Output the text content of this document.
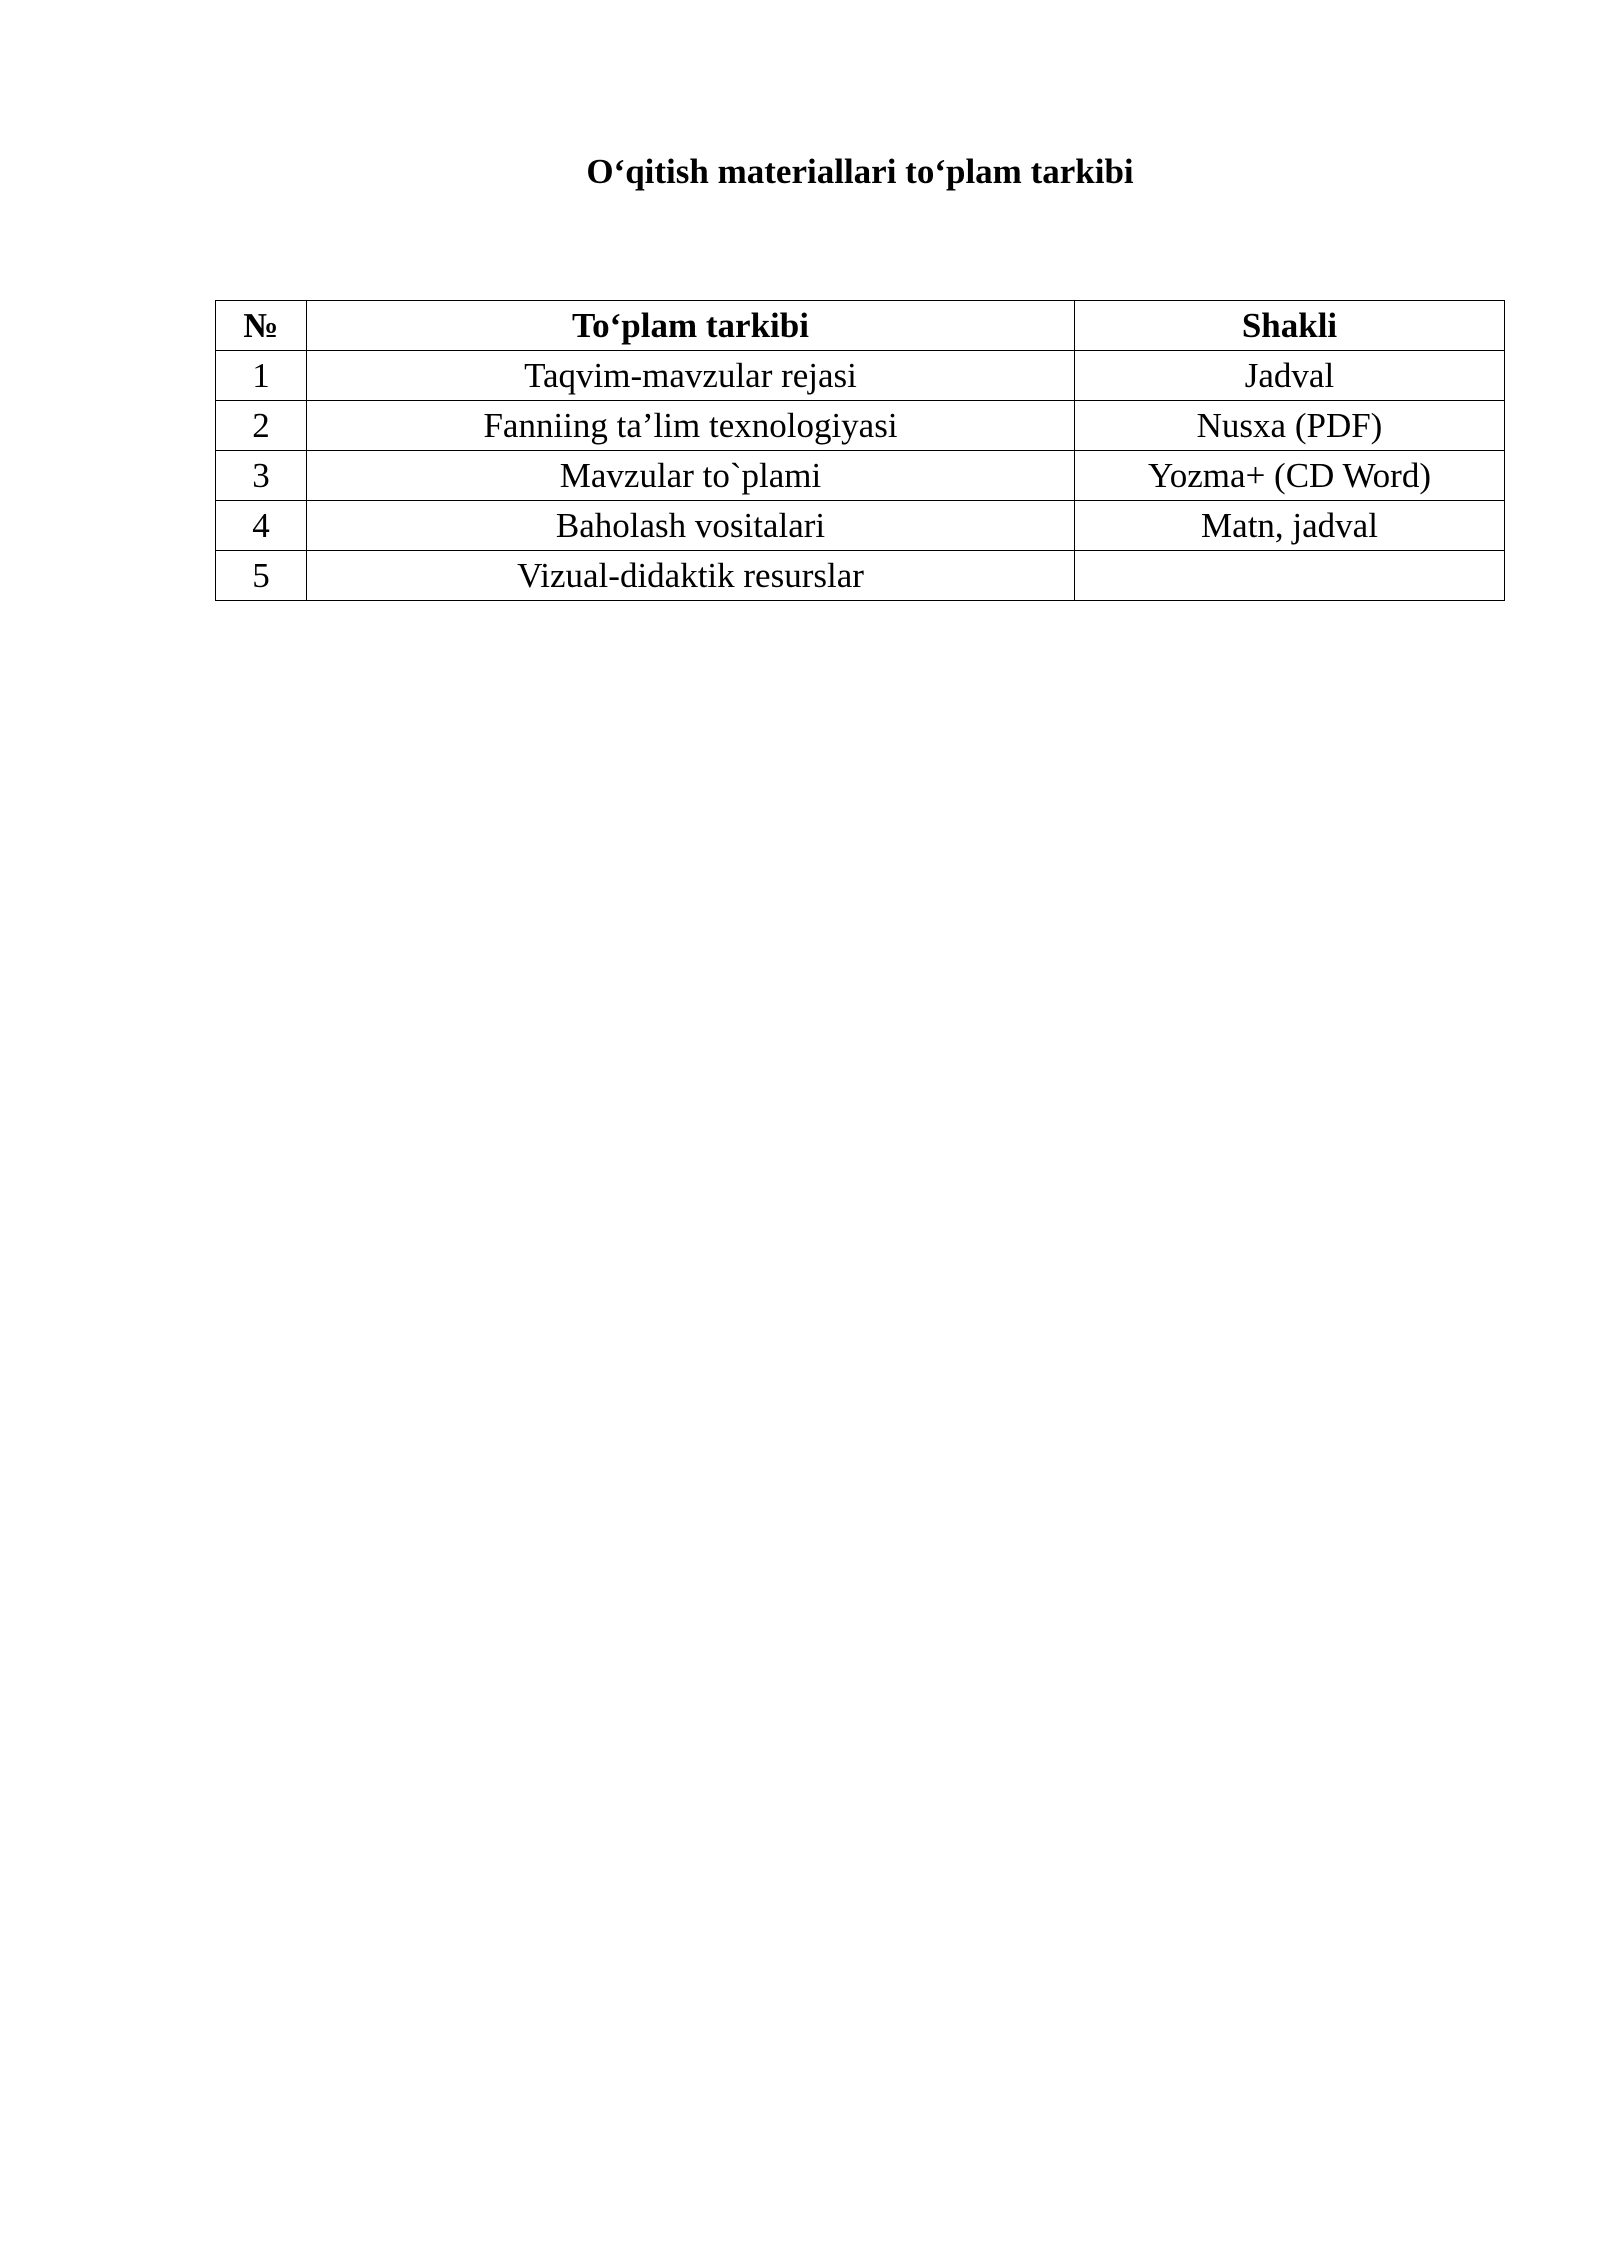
O‘qitish materiallari to‘plam tarkibi
№	To‘plam tarkibi	Shakli
1	Taqvim-mavzular rejasi	Jadval
2	Fanniing ta’lim texnologiyasi	Nusxa (PDF)
3	Mavzular to`plami	Yozma+ (CD Word)
4	Baholash vositalari	Matn, jadval
5	Vizual-didaktik resurslar	
